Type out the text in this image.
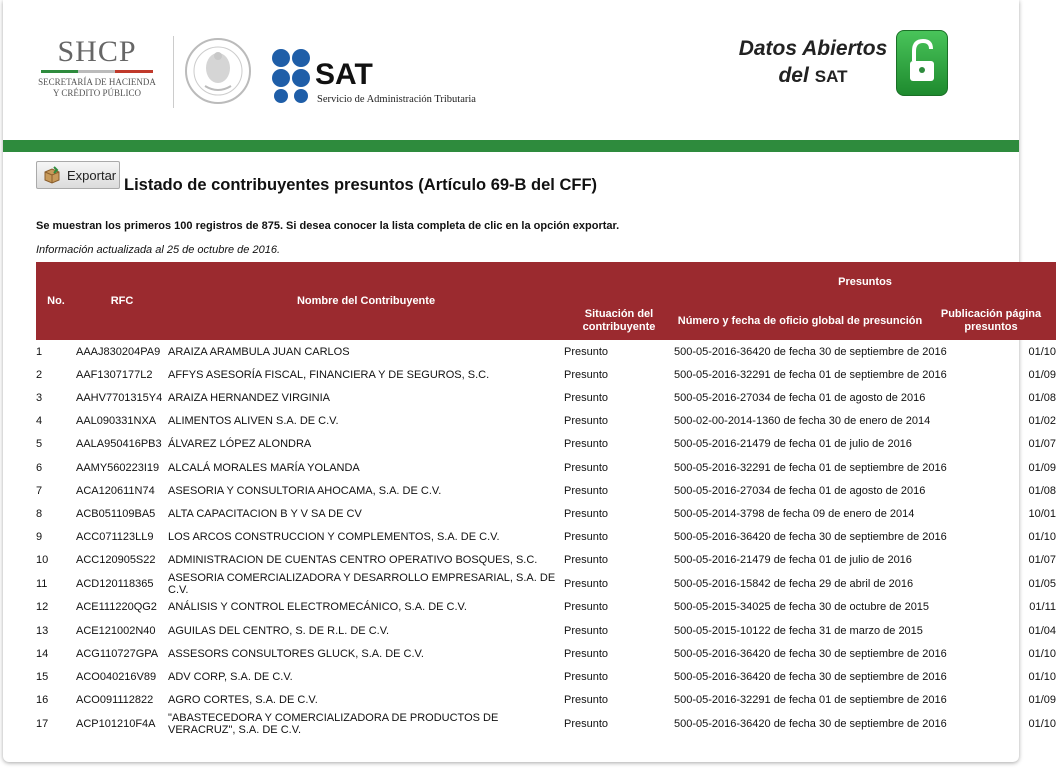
SHCP
SECRETARÍA DE HACIENDA
Y CRÉDITO PÚBLICO
SAT
Servicio de Administración Tributaria
Datos Abiertos
del SAT
Exportar
Listado de contribuyentes presuntos (Artículo 69-B del CFF)
Se muestran los primeros 100 registros de 875. Si desea conocer la lista completa de clic en la opción exportar.
Información actualizada al 25 de octubre de 2016.
No.	RFC	Nombre del Contribuyente		Presuntos	
			Situación del contribuyente	Número y fecha de oficio global de presunción	Publicación página presuntos
1	AAAJ830204PA9	ARAIZA ARAMBULA JUAN CARLOS	Presunto	500-05-2016-36420 de fecha 30 de septiembre de 2016	01/10
2	AAF1307177L2	AFFYS ASESORÍA FISCAL, FINANCIERA Y DE SEGUROS, S.C.	Presunto	500-05-2016-32291 de fecha 01 de septiembre de 2016	01/09
3	AAHV7701315Y4	ARAIZA HERNANDEZ VIRGINIA	Presunto	500-05-2016-27034 de fecha 01 de agosto de 2016	01/08
4	AAL090331NXA	ALIMENTOS ALIVEN S.A. DE C.V.	Presunto	500-02-00-2014-1360 de fecha 30 de enero de 2014	01/02
5	AALA950416PB3	ÁLVAREZ LÓPEZ ALONDRA	Presunto	500-05-2016-21479 de fecha 01 de julio de 2016	01/07
6	AAMY560223I19	ALCALÁ MORALES MARÍA YOLANDA	Presunto	500-05-2016-32291 de fecha 01 de septiembre de 2016	01/09
7	ACA120611N74	ASESORIA Y CONSULTORIA AHOCAMA, S.A. DE C.V.	Presunto	500-05-2016-27034 de fecha 01 de agosto de 2016	01/08
8	ACB051109BA5	ALTA CAPACITACION B Y V SA DE CV	Presunto	500-05-2014-3798 de fecha 09 de enero de 2014	10/01
9	ACC071123LL9	LOS ARCOS CONSTRUCCION Y COMPLEMENTOS, S.A. DE C.V.	Presunto	500-05-2016-36420 de fecha 30 de septiembre de 2016	01/10
10	ACC120905S22	ADMINISTRACION DE CUENTAS CENTRO OPERATIVO BOSQUES, S.C.	Presunto	500-05-2016-21479 de fecha 01 de julio de 2016	01/07
11	ACD120118365	ASESORIA COMERCIALIZADORA Y DESARROLLO EMPRESARIAL, S.A. DE C.V.	Presunto	500-05-2016-15842 de fecha 29 de abril de 2016	01/05
12	ACE111220QG2	ANÁLISIS Y CONTROL ELECTROMECÁNICO, S.A. DE C.V.	Presunto	500-05-2015-34025 de fecha 30 de octubre de 2015	01/11
13	ACE121002N40	AGUILAS DEL CENTRO, S. DE R.L. DE C.V.	Presunto	500-05-2015-10122 de fecha 31 de marzo de 2015	01/04
14	ACG110727GPA	ASSESORS CONSULTORES GLUCK, S.A. DE C.V.	Presunto	500-05-2016-36420 de fecha 30 de septiembre de 2016	01/10
15	ACO040216V89	ADV CORP, S.A. DE C.V.	Presunto	500-05-2016-36420 de fecha 30 de septiembre de 2016	01/10
16	ACO091112822	AGRO CORTES, S.A. DE C.V.	Presunto	500-05-2016-32291 de fecha 01 de septiembre de 2016	01/09
17	ACP101210F4A	"ABASTECEDORA Y COMERCIALIZADORA DE PRODUCTOS DE VERACRUZ", S.A. DE C.V.	Presunto	500-05-2016-36420 de fecha 30 de septiembre de 2016	01/10
